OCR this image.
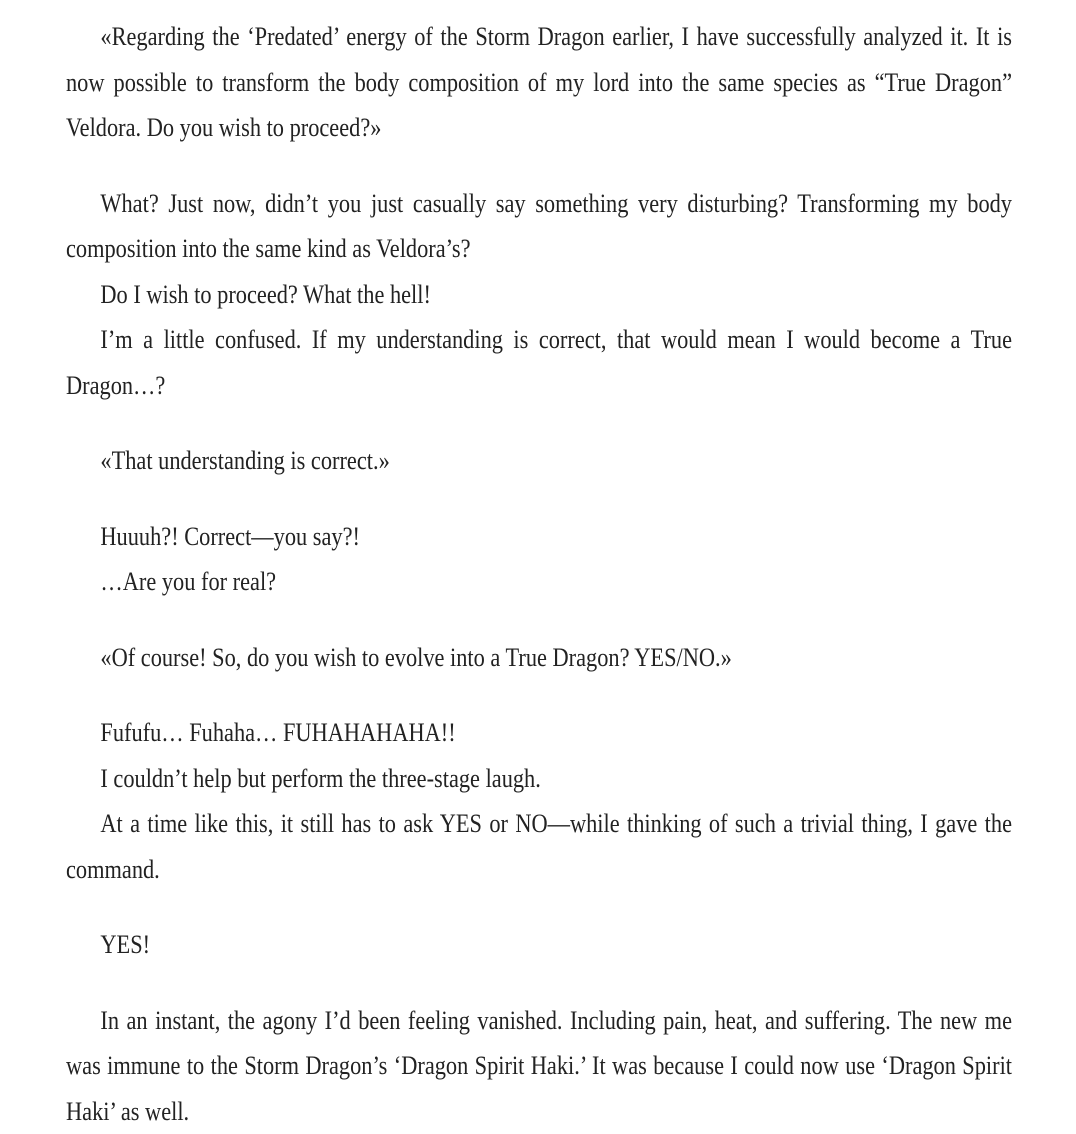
«Regarding the ‘Predated’ energy of the Storm Dragon earlier, I have successfully analyzed it. It is now possible to transform the body composition of my lord into the same species as “True Dragon” Veldora. Do you wish to proceed?»

What? Just now, didn’t you just casually say something very disturbing? Transforming my body composition into the same kind as Veldora’s?

Do I wish to proceed? What the hell!

I’m a little confused. If my understanding is correct, that would mean I would become a True Dragon…?

«That understanding is correct.»

Huuuh?! Correct—you say?!

…Are you for real?

«Of course! So, do you wish to evolve into a True Dragon? YES/NO.»

Fufufu… Fuhaha… FUHAHAHAHA!!

I couldn’t help but perform the three-stage laugh.

At a time like this, it still has to ask YES or NO—while thinking of such a trivial thing, I gave the command.

YES!

In an instant, the agony I’d been feeling vanished. Including pain, heat, and suffering. The new me was immune to the Storm Dragon’s ‘Dragon Spirit Haki.’ It was because I could now use ‘Dragon Spirit Haki’ as well.
